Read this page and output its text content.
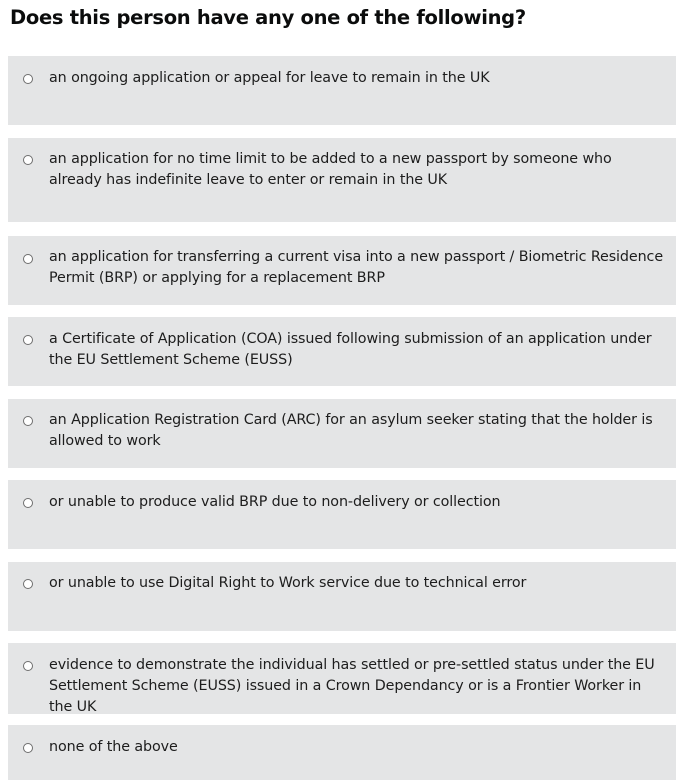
Does this person have any one of the following?
an ongoing application or appeal for leave to remain in the UK
an application for no time limit to be added to a new passport by someone who already has indefinite leave to enter or remain in the UK
an application for transferring a current visa into a new passport / Biometric Residence Permit (BRP) or applying for a replacement BRP
a Certificate of Application (COA) issued following submission of an application under the EU Settlement Scheme (EUSS)
an Application Registration Card (ARC) for an asylum seeker stating that the holder is allowed to work
or unable to produce valid BRP due to non-delivery or collection
or unable to use Digital Right to Work service due to technical error
evidence to demonstrate the individual has settled or pre-settled status under the EU Settlement Scheme (EUSS) issued in a Crown Dependancy or is a Frontier Worker in the UK
none of the above
